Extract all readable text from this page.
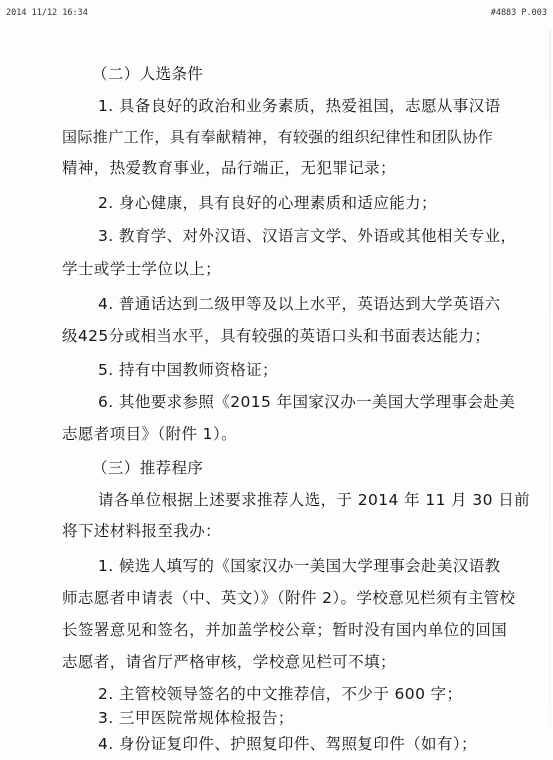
2014 11/12 16:34	#4883 P.003
（二）人选条件
1. 具备良好的政治和业务素质，热爱祖国，志愿从事汉语
国际推广工作，具有奉献精神，有较强的组织纪律性和团队协作
精神，热爱教育事业，品行端正，无犯罪记录；
2. 身心健康，具有良好的心理素质和适应能力；
3. 教育学、对外汉语、汉语言文学、外语或其他相关专业，
学士或学士学位以上；
4. 普通话达到二级甲等及以上水平，英语达到大学英语六
级425分或相当水平，具有较强的英语口头和书面表达能力；
5. 持有中国教师资格证；
6. 其他要求参照《2015 年国家汉办一美国大学理事会赴美
志愿者项目》（附件 1）。
（三）推荐程序
请各单位根据上述要求推荐人选，于 2014 年 11 月 30 日前
将下述材料报至我办：
1. 候选人填写的《国家汉办一美国大学理事会赴美汉语教
师志愿者申请表（中、英文）》（附件 2）。学校意见栏须有主管校
长签署意见和签名，并加盖学校公章；暂时没有国内单位的回国
志愿者，请省厅严格审核，学校意见栏可不填；
2. 主管校领导签名的中文推荐信，不少于 600 字；
3. 三甲医院常规体检报告；
4. 身份证复印件、护照复印件、驾照复印件（如有）；
